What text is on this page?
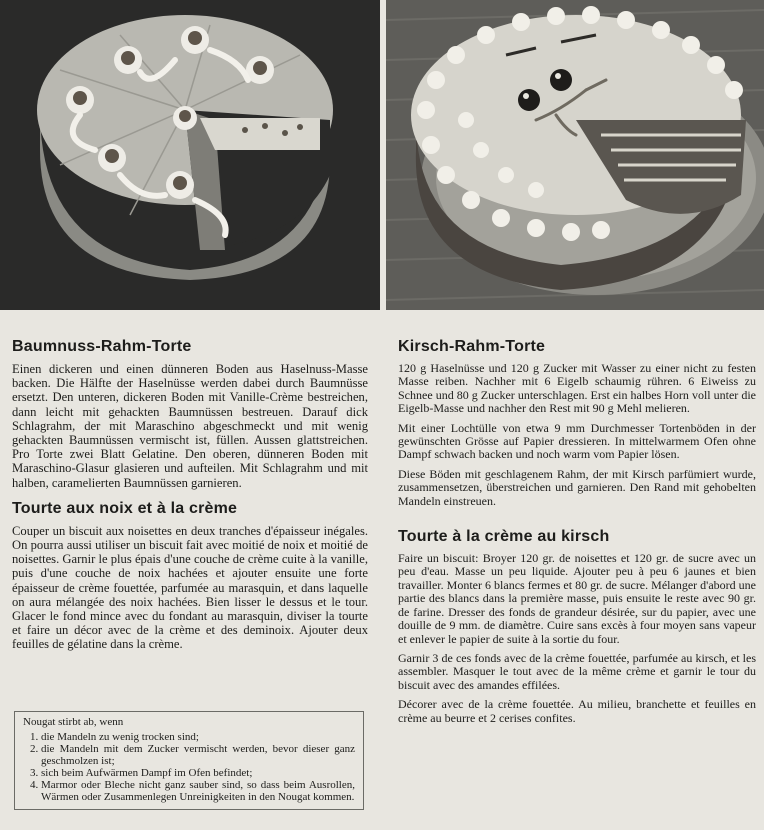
Baumnuss-Rahm-Torte

Einen dickeren und einen dünneren Boden aus Haselnuss-Masse backen. Die Hälfte der Haselnüsse werden dabei durch Baumnüsse ersetzt. Den unteren, dickeren Boden mit Vanille-Crème bestreichen, dann leicht mit gehackten Baumnüssen bestreuen. Darauf dick Schlagrahm, der mit Maraschino abgeschmeckt und mit wenig gehackten Baumnüssen vermischt ist, füllen. Aussen glattstreichen. Pro Torte zwei Blatt Gelatine. Den oberen, dünneren Boden mit Maraschino-Glasur glasieren und aufteilen. Mit Schlagrahm und mit halben, caramelierten Baumnüssen garnieren.

Tourte aux noix et à la crème

Couper un biscuit aux noisettes en deux tranches d'épaisseur inégales. On pourra aussi utiliser un biscuit fait avec moitié de noix et moitié de noisettes. Garnir le plus épais d'une couche de crème cuite à la vanille, puis d'une couche de noix hachées et ajouter ensuite une forte épaisseur de crème fouettée, parfumée au marasquin, et dans laquelle on aura mélangée des noix hachées. Bien lisser le dessus et le tour. Glacer le fond mince avec du fondant au marasquin, diviser la tourte et faire un décor avec de la crème et des deminoix. Ajouter deux feuilles de gélatine dans la crème.

Nougat stirbt ab, wenn

1. die Mandeln zu wenig trocken sind;
2. die Mandeln mit dem Zucker vermischt werden, bevor dieser ganz geschmolzen ist;
3. sich beim Aufwärmen Dampf im Ofen befindet;
4. Marmor oder Bleche nicht ganz sauber sind, so dass beim Ausrollen, Wärmen oder Zusammenlegen Unreinigkeiten in den Nougat kommen.
Kirsch-Rahm-Torte

120 g Haselnüsse und 120 g Zucker mit Wasser zu einer nicht zu festen Masse reiben. Nachher mit 6 Eigelb schaumig rühren. 6 Eiweiss zu Schnee und 80 g Zucker unterschlagen. Erst ein halbes Horn voll unter die Eigelb-Masse und nachher den Rest mit 90 g Mehl melieren.

Mit einer Lochtülle von etwa 9 mm Durchmesser Tortenböden in der gewünschten Grösse auf Papier dressieren. In mittelwarmem Ofen ohne Dampf schwach backen und noch warm vom Papier lösen.

Diese Böden mit geschlagenem Rahm, der mit Kirsch parfümiert wurde, zusammensetzen, überstreichen und garnieren. Den Rand mit gehobelten Mandeln einstreuen.

Tourte à la crème au kirsch

Faire un biscuit: Broyer 120 gr. de noisettes et 120 gr. de sucre avec un peu d'eau. Masse un peu liquide. Ajouter peu à peu 6 jaunes et bien travailler. Monter 6 blancs fermes et 80 gr. de sucre. Mélanger d'abord une partie des blancs dans la première masse, puis ensuite le reste avec 90 gr. de farine. Dresser des fonds de grandeur désirée, sur du papier, avec une douille de 9 mm. de diamètre. Cuire sans excès à four moyen sans vapeur et enlever le papier de suite à la sortie du four.

Garnir 3 de ces fonds avec de la crème fouettée, parfumée au kirsch, et les assembler. Masquer le tout avec de la même crème et garnir le tour du biscuit avec des amandes effilées.

Décorer avec de la crème fouettée. Au milieu, branchette et feuilles en crème au beurre et 2 cerises confites.
